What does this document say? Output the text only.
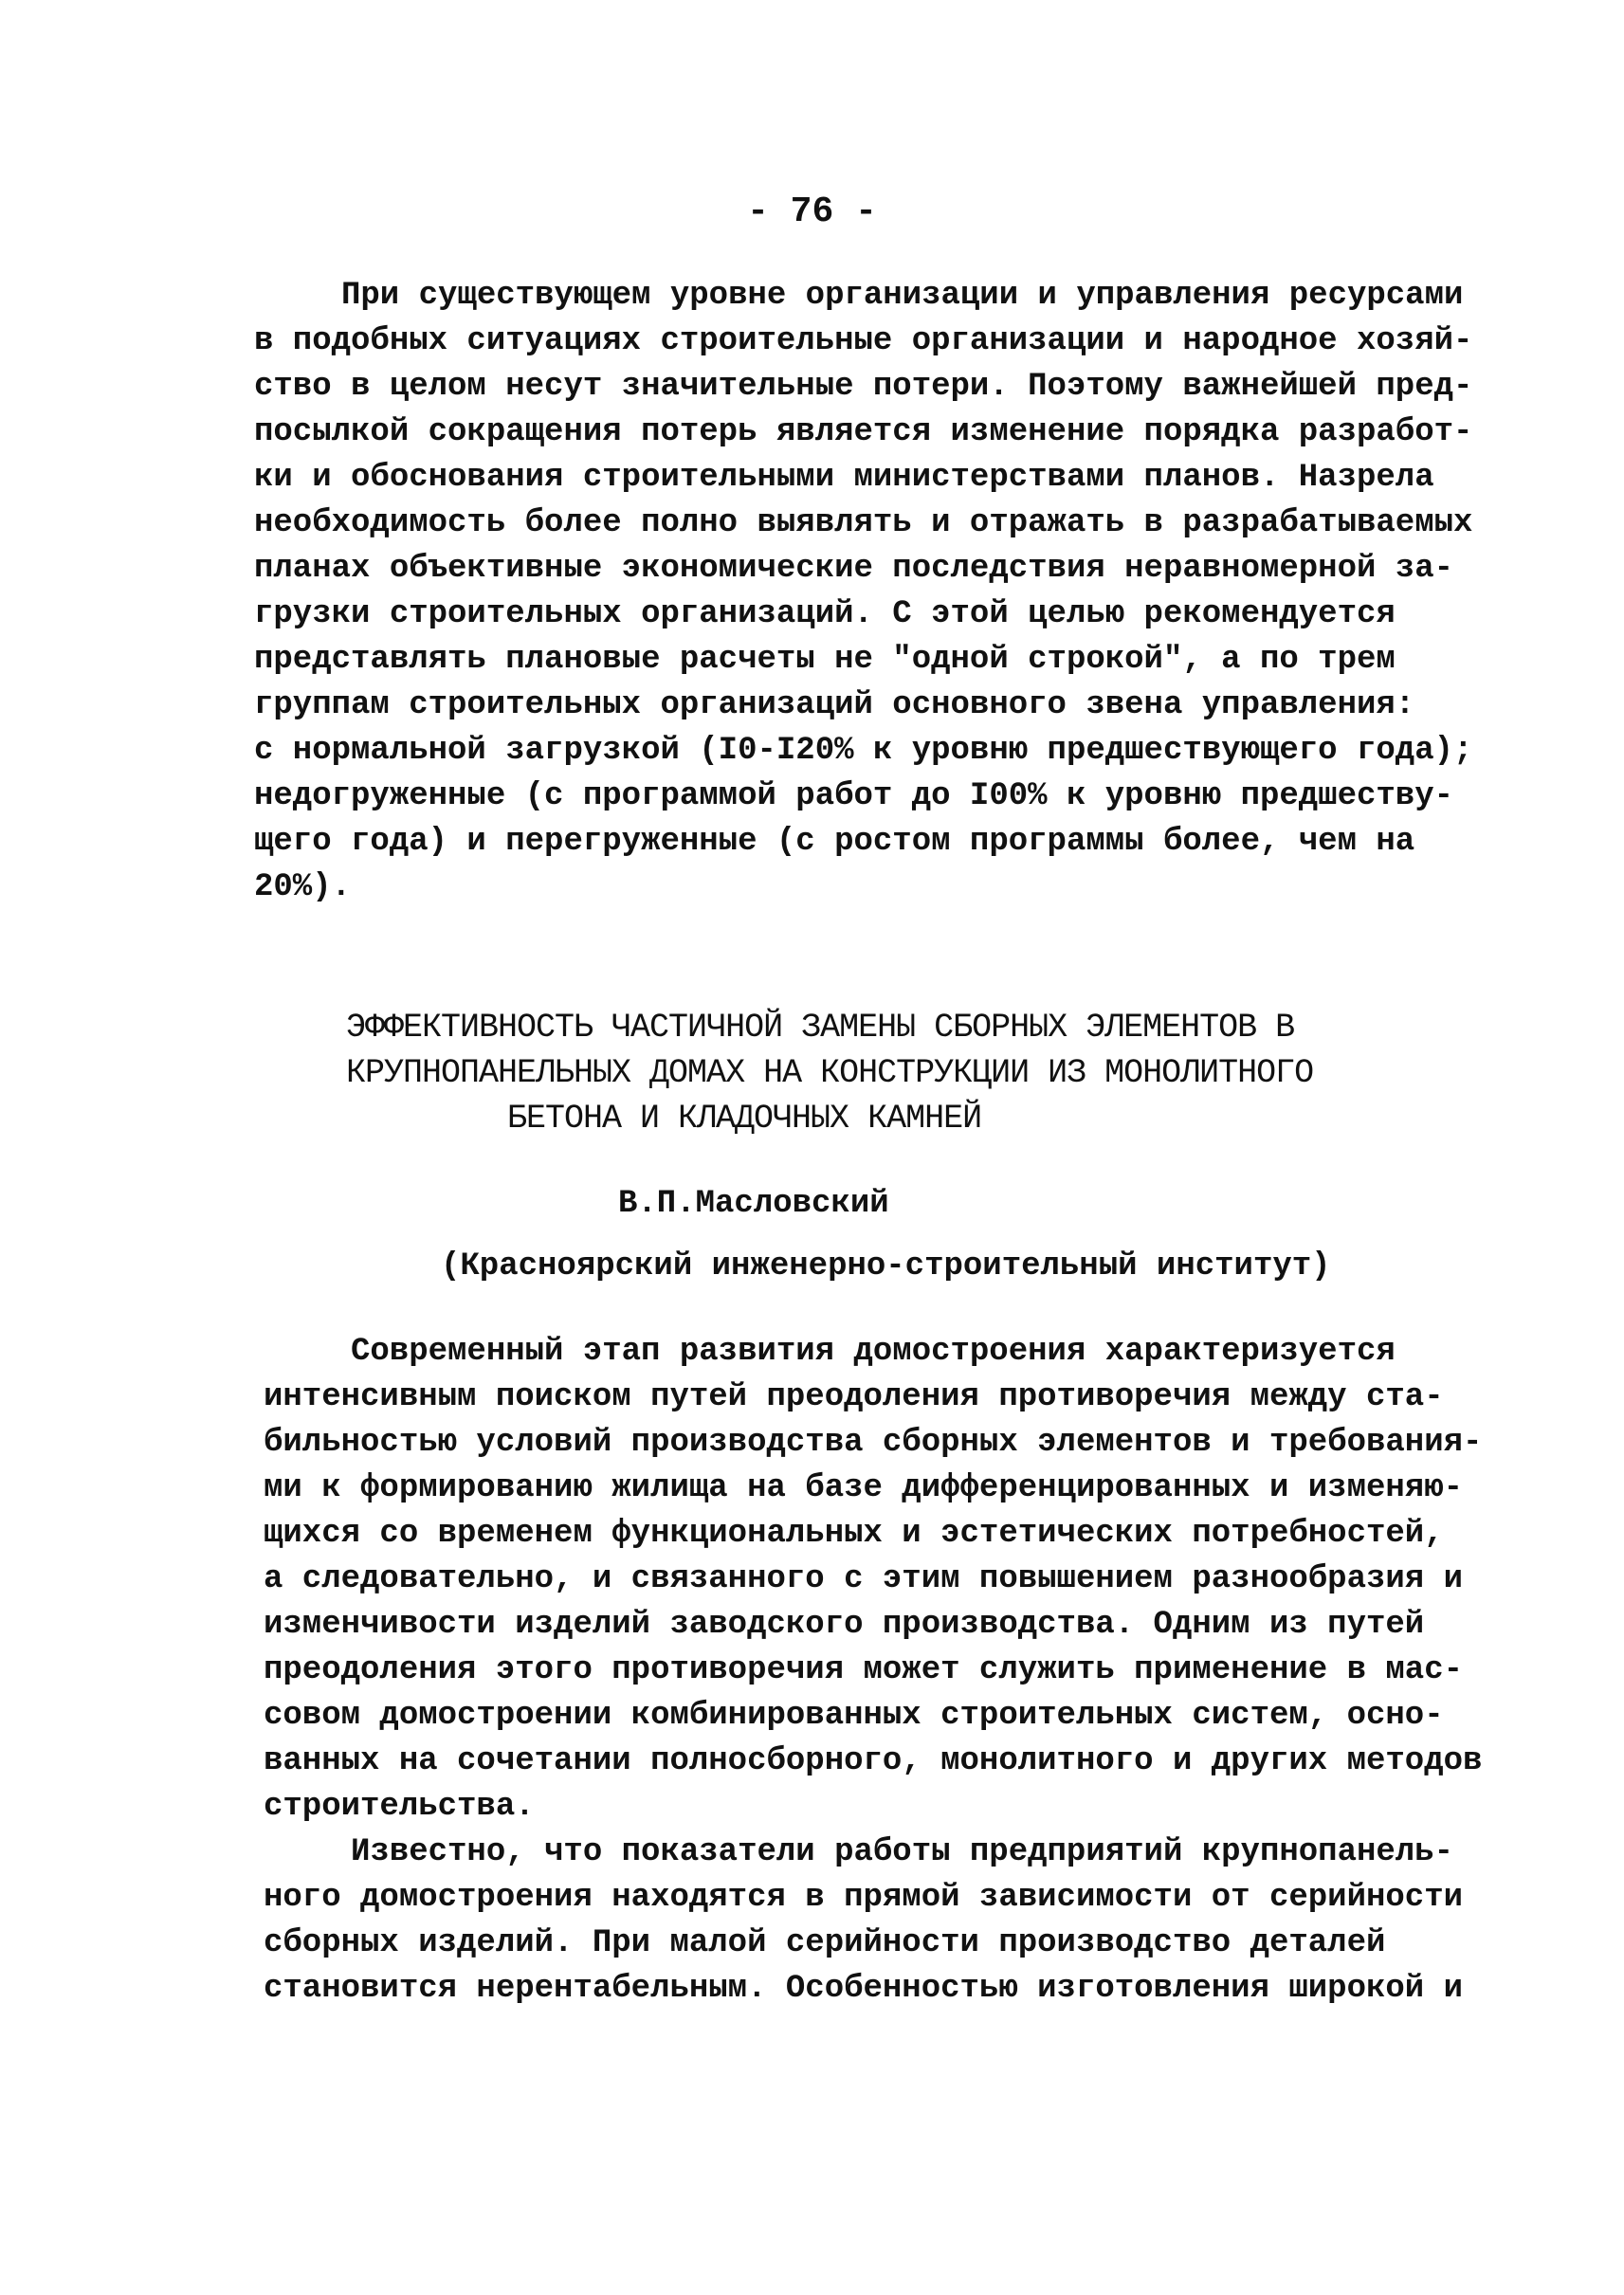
- 76 -
При существующем уровне организации и управления ресурсами
в подобных ситуациях строительные организации и народное хозяй-
ство в целом несут значительные потери. Поэтому важнейшей пред-
посылкой сокращения потерь является изменение порядка разработ-
ки и обоснования строительными министерствами планов. Назрела
необходимость более полно выявлять и отражать в разрабатываемых
планах объективные экономические последствия неравномерной за-
грузки строительных организаций. С этой целью рекомендуется
представлять плановые расчеты не "одной строкой", а по трем
группам строительных организаций основного звена управления:
с нормальной загрузкой (I0-I20% к уровню предшествующего года);
недогруженные (с программой работ до I00% к уровню предшеству-
щего года) и перегруженные (с ростом программы более, чем на
20%).
ЭФФЕКТИВНОСТЬ ЧАСТИЧНОЙ ЗАМЕНЫ СБОРНЫХ ЭЛЕМЕНТОВ В
КРУПНОПАНЕЛЬНЫХ ДОМАХ НА КОНСТРУКЦИИ ИЗ МОНОЛИТНОГО
БЕТОНА И КЛАДОЧНЫХ КАМНЕЙ
В.П.Масловский
(Красноярский инженерно-строительный институт)
Современный этап развития домостроения характеризуется
интенсивным поиском путей преодоления противоречия между ста-
бильностью условий производства сборных элементов и требования-
ми к формированию жилища на базе дифференцированных и изменяю-
щихся со временем функциональных и эстетических потребностей,
а следовательно, и связанного с этим повышением разнообразия и
изменчивости изделий заводского производства. Одним из путей
преодоления этого противоречия может служить применение в мас-
совом домостроении комбинированных строительных систем, осно-
ванных на сочетании полносборного, монолитного и других методов
строительства.
Известно, что показатели работы предприятий крупнопанель-
ного домостроения находятся в прямой зависимости от серийности
сборных изделий. При малой серийности производство деталей
становится нерентабельным. Особенностью изготовления широкой и
